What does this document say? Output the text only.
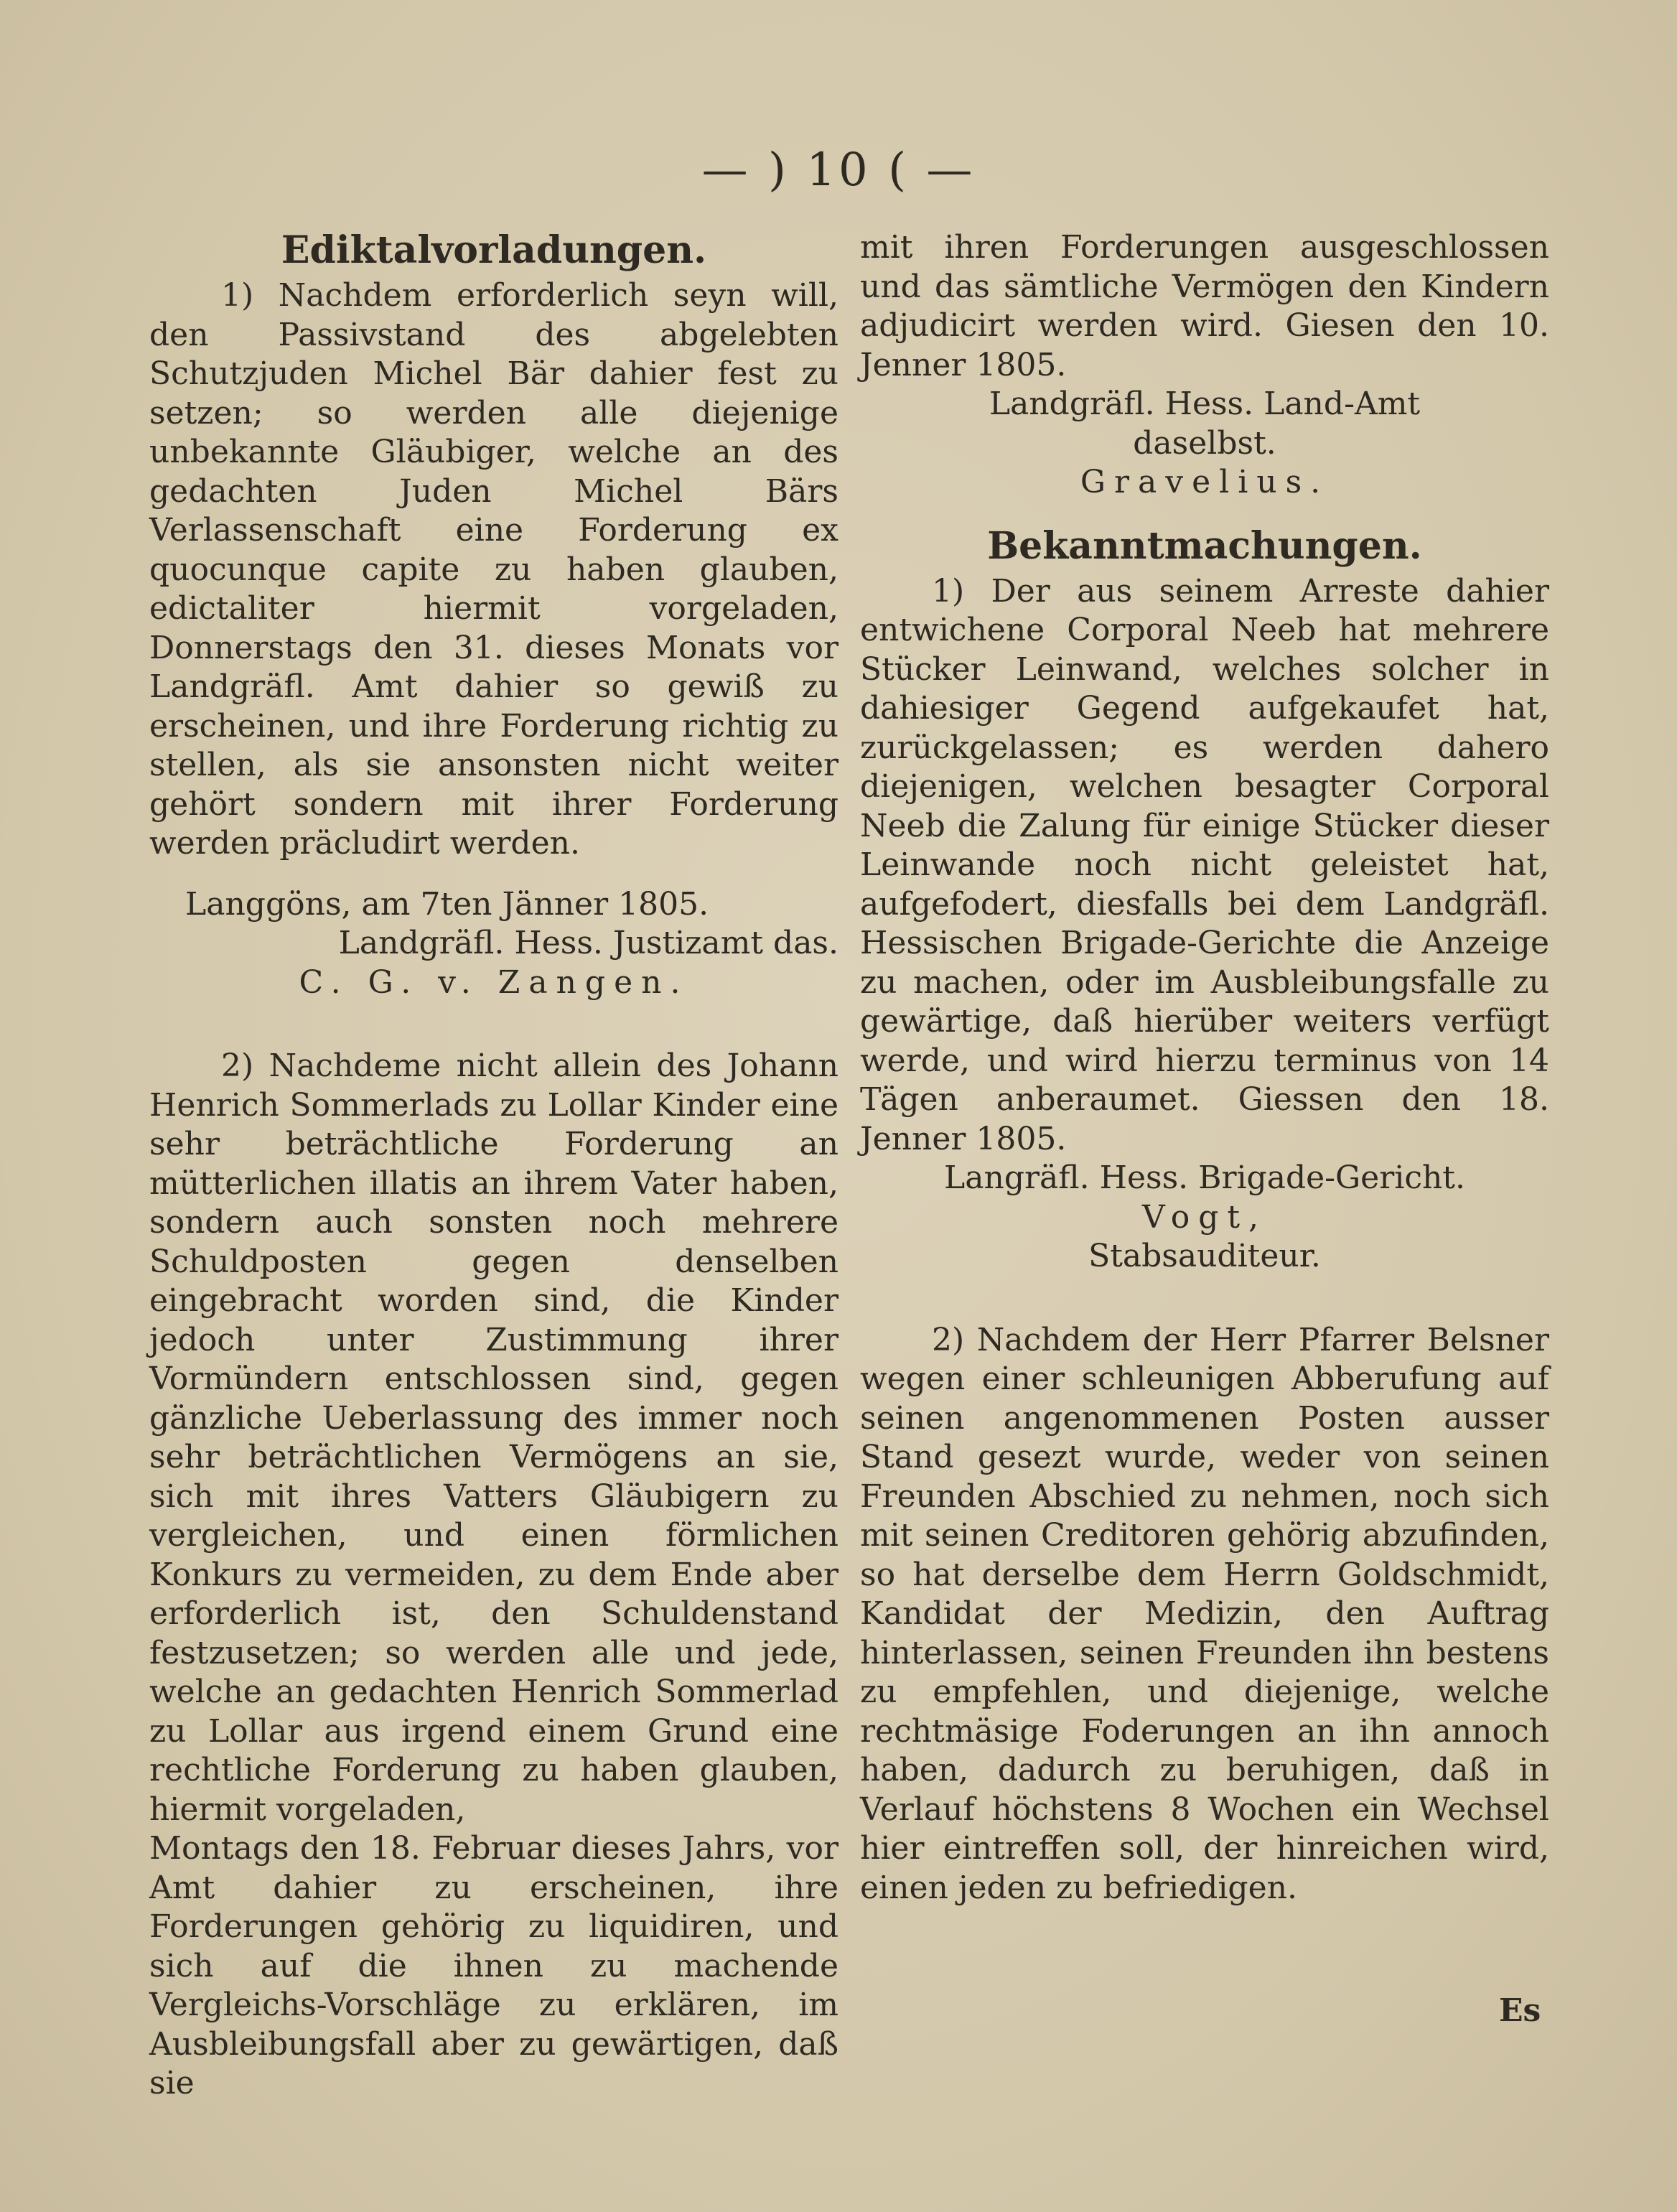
— ) 10 ( —
Ediktalvorladungen.

1) Nachdem erforderlich seyn will, den Passivstand des abgelebten Schutzjuden Michel Bär dahier fest zu setzen; so werden alle diejenige unbekannte Gläubiger, welche an des gedachten Juden Michel Bärs Verlassenschaft eine Forderung ex quocunque capite zu haben glauben, edictaliter hiermit vorgeladen, Donnerstags den 31. dieses Monats vor Landgräfl. Amt dahier so gewiß zu erscheinen, und ihre Forderung richtig zu stellen, als sie ansonsten nicht weiter gehört sondern mit ihrer Forderung werden präcludirt werden.

Langgöns, am 7ten Jänner 1805.

Landgräfl. Hess. Justizamt das.

C. G. v. Zangen.

2) Nachdeme nicht allein des Johann Henrich Sommerlads zu Lollar Kinder eine sehr beträchtliche Forderung an mütterlichen illatis an ihrem Vater haben, sondern auch sonsten noch mehrere Schuldposten gegen denselben eingebracht worden sind, die Kinder jedoch unter Zustimmung ihrer Vormündern entschlossen sind, gegen gänzliche Ueberlassung des immer noch sehr beträchtlichen Vermögens an sie, sich mit ihres Vatters Gläubigern zu vergleichen, und einen förmlichen Konkurs zu vermeiden, zu dem Ende aber erforderlich ist, den Schuldenstand festzusetzen; so werden alle und jede, welche an gedachten Henrich Sommerlad zu Lollar aus irgend einem Grund eine rechtliche Forderung zu haben glauben, hiermit vorgeladen,

Montags den 18. Februar dieses Jahrs, vor Amt dahier zu erscheinen, ihre Forderungen gehörig zu liquidiren, und sich auf die ihnen zu machende Vergleichs-Vorschläge zu erklären, im Ausbleibungsfall aber zu gewärtigen, daß sie

mit ihren Forderungen ausgeschlossen und das sämtliche Vermögen den Kindern adjudicirt werden wird. Giesen den 10. Jenner 1805.

Landgräfl. Hess. Land-Amt

daselbst.

Gravelius.

Bekanntmachungen.

1) Der aus seinem Arreste dahier entwichene Corporal Neeb hat mehrere Stücker Leinwand, welches solcher in dahiesiger Gegend aufgekaufet hat, zurückgelassen; es werden dahero diejenigen, welchen besagter Corporal Neeb die Zalung für einige Stücker dieser Leinwande noch nicht geleistet hat, aufgefodert, diesfalls bei dem Landgräfl. Hessischen Brigade-Gerichte die Anzeige zu machen, oder im Ausbleibungsfalle zu gewärtige, daß hierüber weiters verfügt werde, und wird hierzu terminus von 14 Tägen anberaumet. Giessen den 18. Jenner 1805.

Langräfl. Hess. Brigade-Gericht.

Vogt,

Stabsauditeur.

2) Nachdem der Herr Pfarrer Belsner wegen einer schleunigen Abberufung auf seinen angenommenen Posten ausser Stand gesezt wurde, weder von seinen Freunden Abschied zu nehmen, noch sich mit seinen Creditoren gehörig abzufinden, so hat derselbe dem Herrn Goldschmidt, Kandidat der Medizin, den Auftrag hinterlassen, seinen Freunden ihn bestens zu empfehlen, und diejenige, welche rechtmäsige Foderungen an ihn annoch haben, dadurch zu beruhigen, daß in Verlauf höchstens 8 Wochen ein Wechsel hier eintreffen soll, der hinreichen wird, einen jeden zu befriedigen.

Es
